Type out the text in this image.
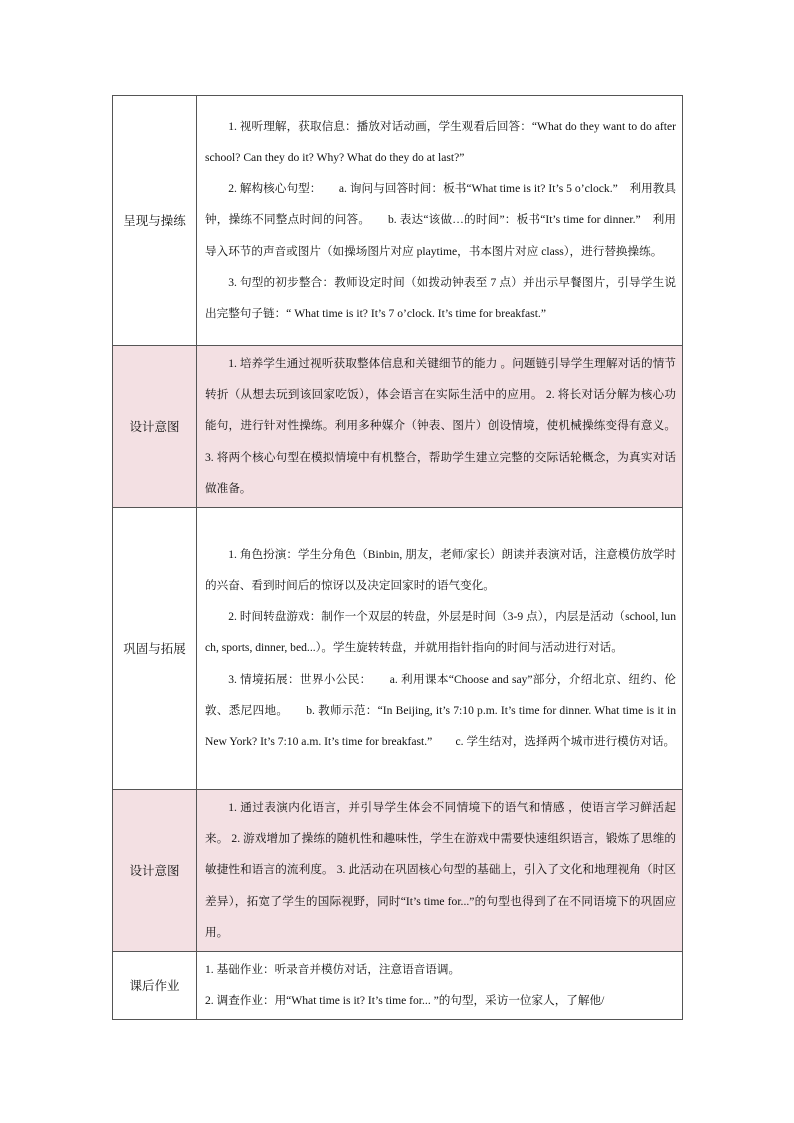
呈现与操练	1. 视听理解，获取信息：播放对话动画，学生观看后回答：“What do they want to do after school? Can they do it? Why? What do they do at last?”

2. 解构核心句型：　　a. 询问与回答时间：板书“What time is it? It’s 5 o’clock.”　利用教具钟，操练不同整点时间的问答。　　b. 表达“该做…的时间”：板书“It’s time for dinner.”　利用导入环节的声音或图片（如操场图片对应 playtime，书本图片对应 class），进行替换操练。

3. 句型的初步整合：教师设定时间（如拨动钟表至 7 点）并出示早餐图片，引导学生说出完整句子链：“ What time is it? It’s 7 o’clock. It’s time for breakfast.”

设计意图	1. 培养学生通过视听获取整体信息和关键细节的能力 。问题链引导学生理解对话的情节转折（从想去玩到该回家吃饭），体会语言在实际生活中的应用。 2. 将长对话分解为核心功能句，进行针对性操练。利用多种媒介（钟表、图片）创设情境，使机械操练变得有意义。 3. 将两个核心句型在模拟情境中有机整合，帮助学生建立完整的交际话轮概念，为真实对话做准备。

巩固与拓展	1. 角色扮演：学生分角色（Binbin, 朋友，老师/家长）朗读并表演对话，注意模仿放学时的兴奋、看到时间后的惊讶以及决定回家时的语气变化。

2. 时间转盘游戏：制作一个双层的转盘，外层是时间（3-9 点），内层是活动（school, lunch, sports, dinner, bed...）。学生旋转转盘，并就用指针指向的时间与活动进行对话。

3. 情境拓展：世界小公民：　　a. 利用课本“Choose and say”部分，介绍北京、纽约、伦敦、悉尼四地。　　b. 教师示范：“In Beijing, it’s 7:10 p.m. It’s time for dinner. What time is it in New York? It’s 7:10 a.m. It’s time for breakfast.”　　c. 学生结对，选择两个城市进行模仿对话。

设计意图	1. 通过表演内化语言，并引导学生体会不同情境下的语气和情感 ，使语言学习鲜活起来。 2. 游戏增加了操练的随机性和趣味性，学生在游戏中需要快速组织语言，锻炼了思维的敏捷性和语言的流利度。 3. 此活动在巩固核心句型的基础上，引入了文化和地理视角（时区差异），拓宽了学生的国际视野，同时“It’s time for...”的句型也得到了在不同语境下的巩固应用。

课后作业	1. 基础作业：听录音并模仿对话，注意语音语调。

2. 调查作业：用“What time is it? It’s time for... ”的句型，采访一位家人，了解他/
